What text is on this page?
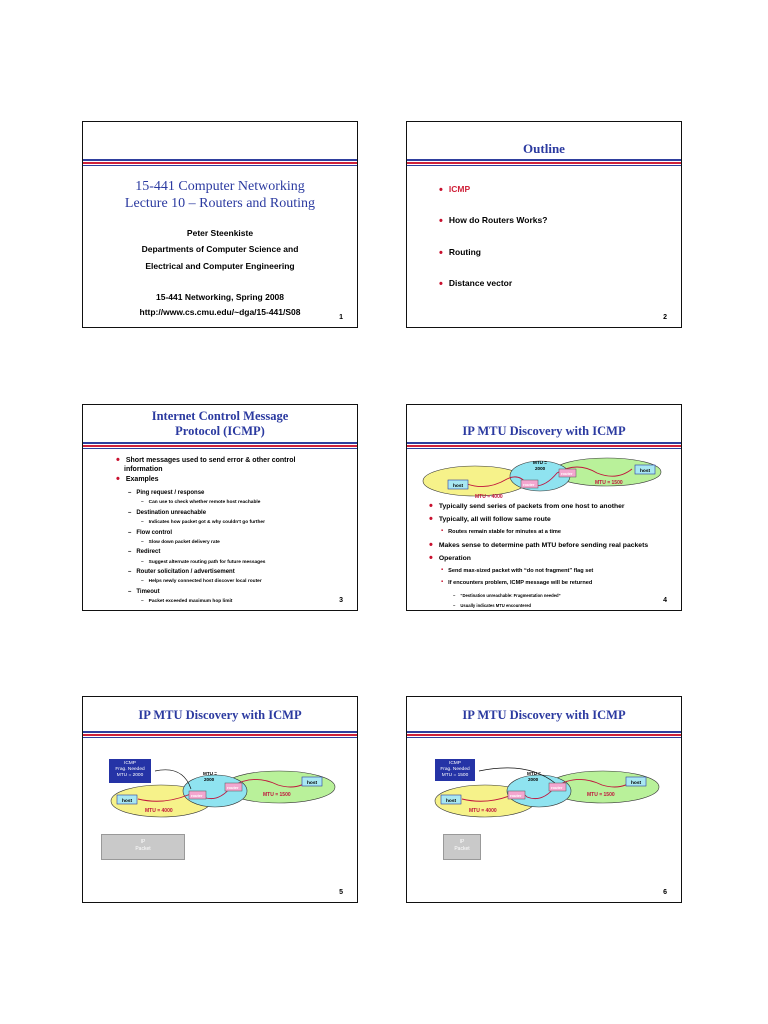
15-441 Computer Networking
Lecture 10 – Routers and Routing
Peter Steenkiste
Departments of Computer Science and
Electrical and Computer Engineering
15-441 Networking, Spring 2008
http://www.cs.cmu.edu/~dga/15-441/S08
1
Outline
• ICMP
• How do Routers Works?
• Routing
• Distance vector
2
Internet Control Message
Protocol (ICMP)
• Short messages used to send error & other control
information
• Examples
– Ping request / response
– Can use to check whether remote host reachable
– Destination unreachable
– Indicates how packet got & why couldn't go further
– Flow control
– Slow down packet delivery rate
– Redirect
– Suggest alternate routing path for future messages
– Router solicitation / advertisement
– Helps newly connected host discover local router
– Timeout
– Packet exceeded maximum hop limit	3
IP MTU Discovery with ICMP
host	router
router	host
MTU =
2000
MTU = 1500
MTU = 4000
• Typically send series of packets from one host to another
• Typically, all will follow same route
▪ Routes remain stable for minutes at a time
• Makes sense to determine path MTU before sending real packets
• Operation
▪ Send max-sized packet with “do not fragment” flag set
▪ If encounters problem, ICMP message will be returned
– “Destination unreachable: Fragmentation needed”
– Usually indicates MTU encountered
4
IP MTU Discovery with ICMP
host
router
router
host
MTU =
2000
MTU = 1500
MTU = 4000
ICMP
Frag. Needed
MTU = 2000
IP
Packet
5
IP MTU Discovery with ICMP
host
router
router
host
MTU =
2000
MTU = 1500
MTU = 4000
ICMP
Frag. Needed
MTU = 1500
IP
Packet
6
